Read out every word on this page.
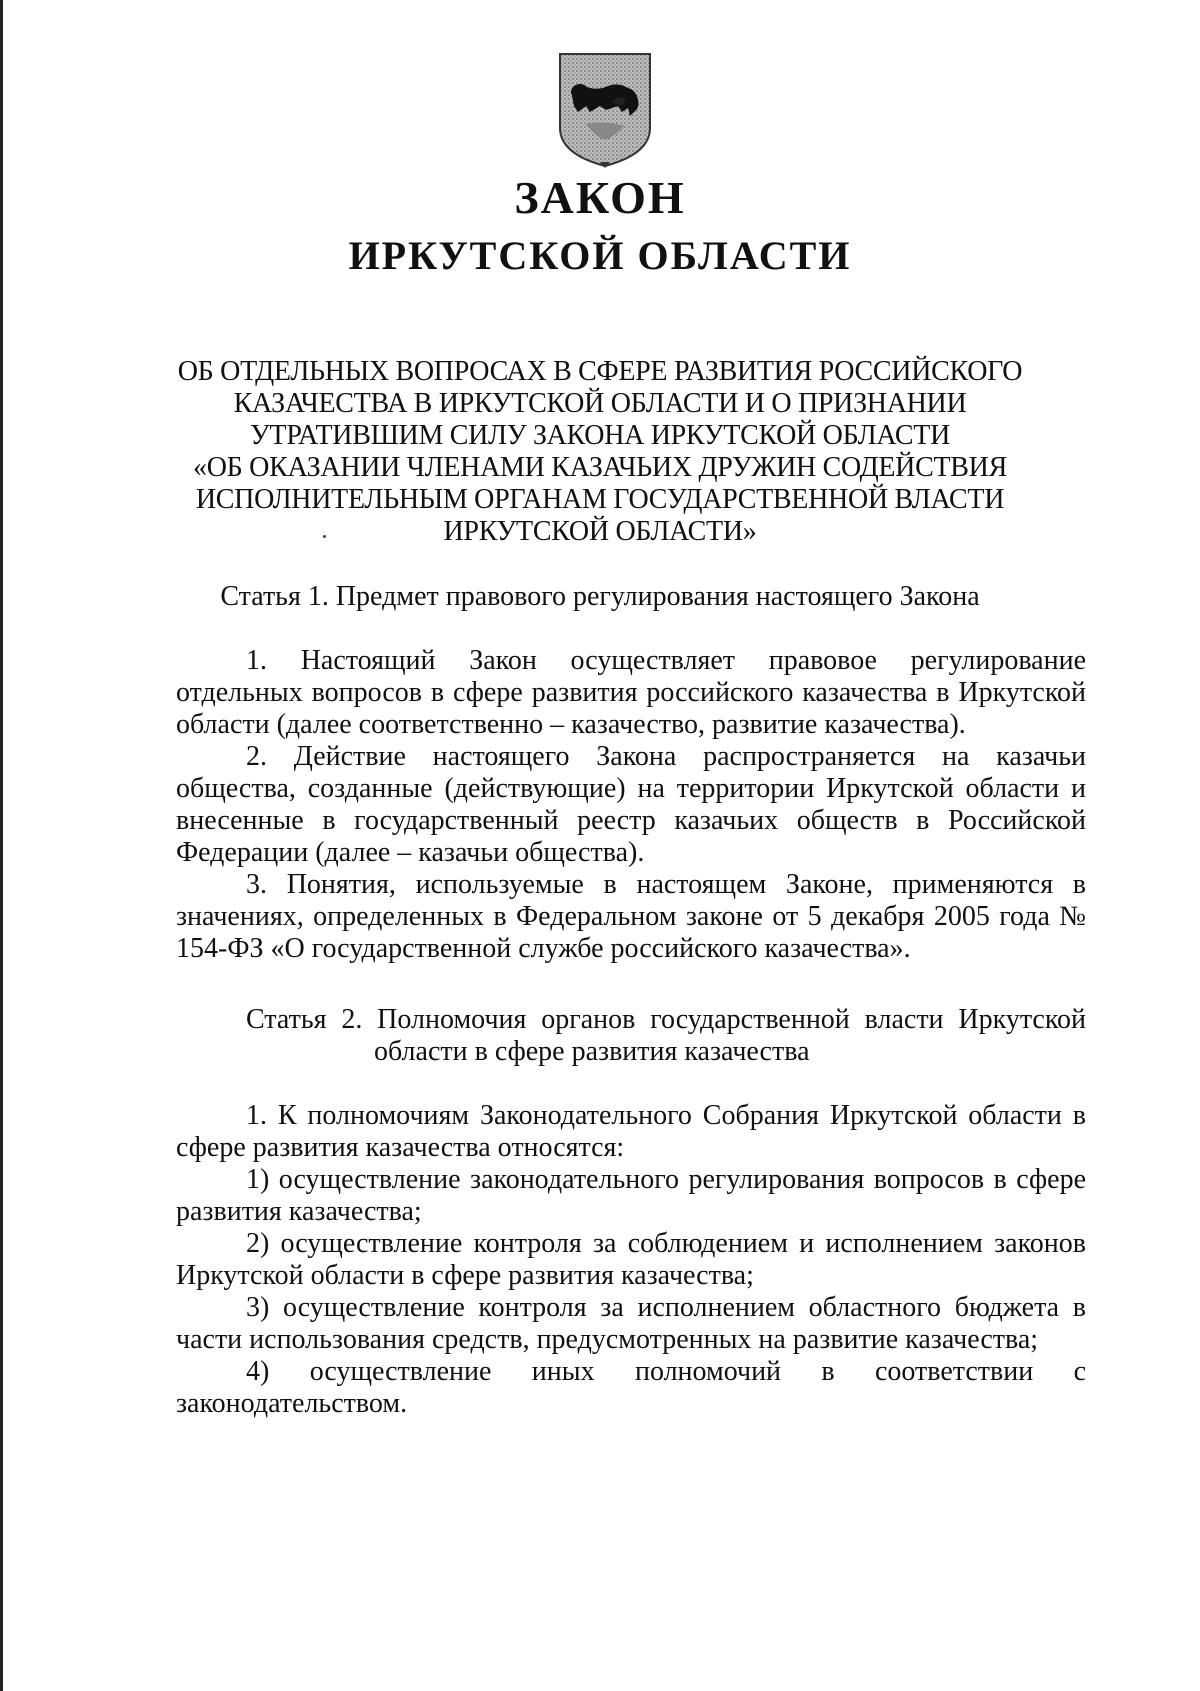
ЗАКОН
ИРКУТСКОЙ ОБЛАСТИ
ОБ ОТДЕЛЬНЫХ ВОПРОСАХ В СФЕРЕ РАЗВИТИЯ РОССИЙСКОГО
КАЗАЧЕСТВА В ИРКУТСКОЙ ОБЛАСТИ И О ПРИЗНАНИИ
УТРАТИВШИМ СИЛУ ЗАКОНА ИРКУТСКОЙ ОБЛАСТИ
«ОБ ОКАЗАНИИ ЧЛЕНАМИ КАЗАЧЬИХ ДРУЖИН СОДЕЙСТВИЯ
ИСПОЛНИТЕЛЬНЫМ ОРГАНАМ ГОСУДАРСТВЕННОЙ ВЛАСТИ
ИРКУТСКОЙ ОБЛАСТИ»
Статья 1. Предмет правового регулирования настоящего Закона

1. Настоящий Закон осуществляет правовое регулирование отдельных вопросов в сфере развития российского казачества в Иркутской области (далее соответственно – казачество, развитие казачества).

2. Действие настоящего Закона распространяется на казачьи общества, созданные (действующие) на территории Иркутской области и внесенные в государственный реестр казачьих обществ в Российской Федерации (далее – казачьи общества).

3. Понятия, используемые в настоящем Законе, применяются в значениях, определенных в Федеральном законе от 5 декабря 2005 года № 154-ФЗ «О государственной службе российского казачества».

Статья 2. Полномочия органов государственной власти Иркутской
области в сфере развития казачества

1. К полномочиям Законодательного Собрания Иркутской области в сфере развития казачества относятся:

1) осуществление законодательного регулирования вопросов в сфере развития казачества;

2) осуществление контроля за соблюдением и исполнением законов Иркутской области в сфере развития казачества;

3) осуществление контроля за исполнением областного бюджета в части использования средств, предусмотренных на развитие казачества;

4) осуществление иных полномочий в соответствии с законодательством.
